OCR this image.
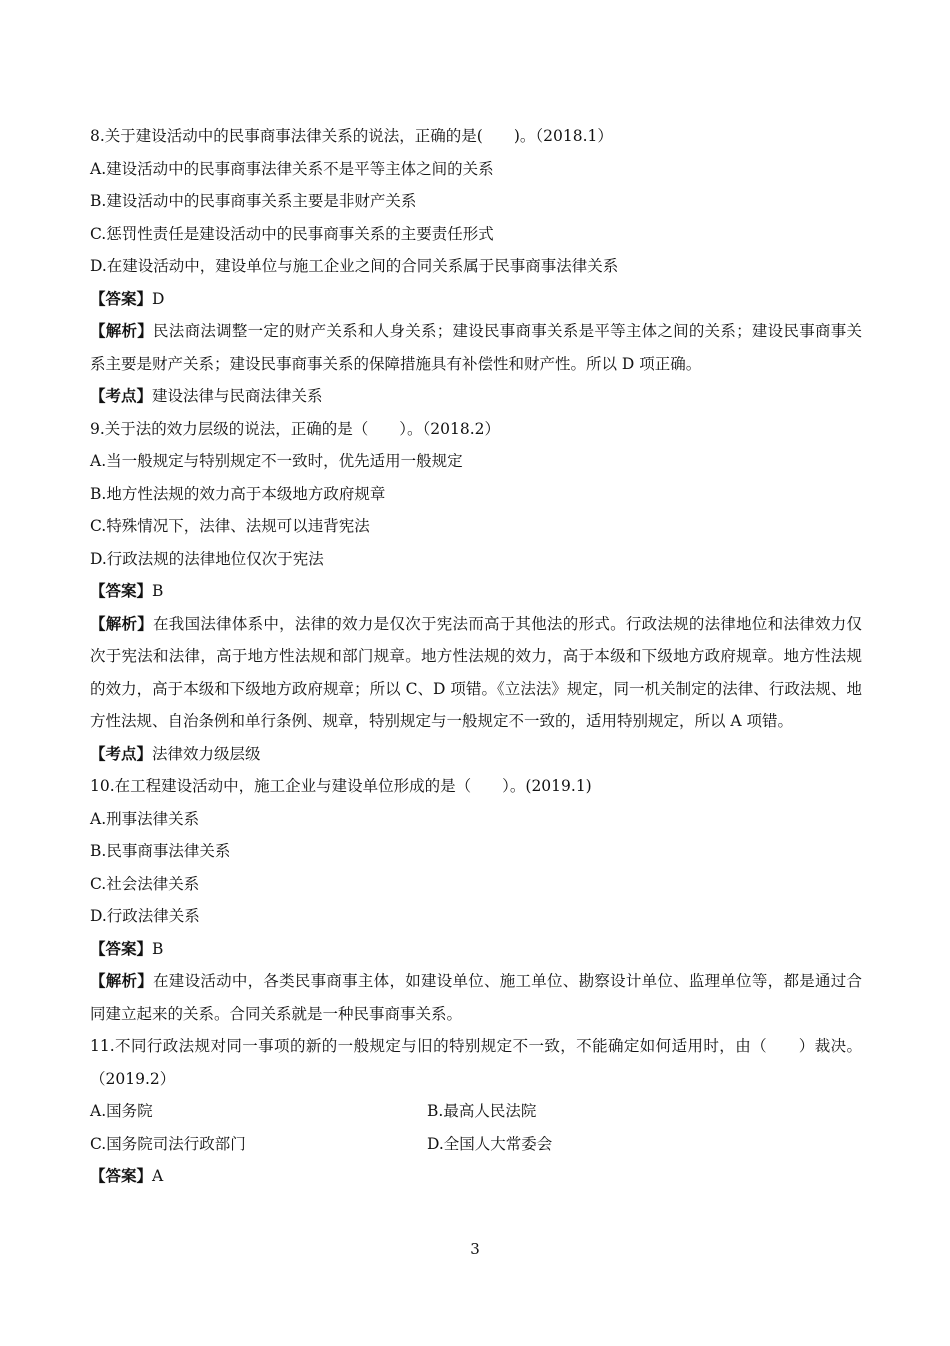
8.关于建设活动中的民事商事法律关系的说法，正确的是(　　)。（2018.1）
A.建设活动中的民事商事法律关系不是平等主体之间的关系
B.建设活动中的民事商事关系主要是非财产关系
C.惩罚性责任是建设活动中的民事商事关系的主要责任形式
D.在建设活动中，建设单位与施工企业之间的合同关系属于民事商事法律关系
【答案】D
【解析】民法商法调整一定的财产关系和人身关系；建设民事商事关系是平等主体之间的关系；建设民事商事关系主要是财产关系；建设民事商事关系的保障措施具有补偿性和财产性。所以 D 项正确。
【考点】建设法律与民商法律关系
9.关于法的效力层级的说法，正确的是（　　）。（2018.2）
A.当一般规定与特别规定不一致时，优先适用一般规定
B.地方性法规的效力高于本级地方政府规章
C.特殊情况下，法律、法规可以违背宪法
D.行政法规的法律地位仅次于宪法
【答案】B
【解析】在我国法律体系中，法律的效力是仅次于宪法而高于其他法的形式。行政法规的法律地位和法律效力仅次于宪法和法律，高于地方性法规和部门规章。地方性法规的效力，高于本级和下级地方政府规章。地方性法规的效力，高于本级和下级地方政府规章；所以 C、D 项错。《立法法》规定，同一机关制定的法律、行政法规、地方性法规、自治条例和单行条例、规章，特别规定与一般规定不一致的，适用特别规定，所以 A 项错。
【考点】法律效力级层级
10.在工程建设活动中，施工企业与建设单位形成的是（　　）。(2019.1)
A.刑事法律关系
B.民事商事法律关系
C.社会法律关系
D.行政法律关系
【答案】B
【解析】在建设活动中，各类民事商事主体，如建设单位、施工单位、勘察设计单位、监理单位等，都是通过合同建立起来的关系。合同关系就是一种民事商事关系。
11.不同行政法规对同一事项的新的一般规定与旧的特别规定不一致，不能确定如何适用时，由（　　）裁决。（2019.2）
A.国务院	B.最高人民法院
C.国务院司法行政部门	D.全国人大常委会
【答案】A
3
